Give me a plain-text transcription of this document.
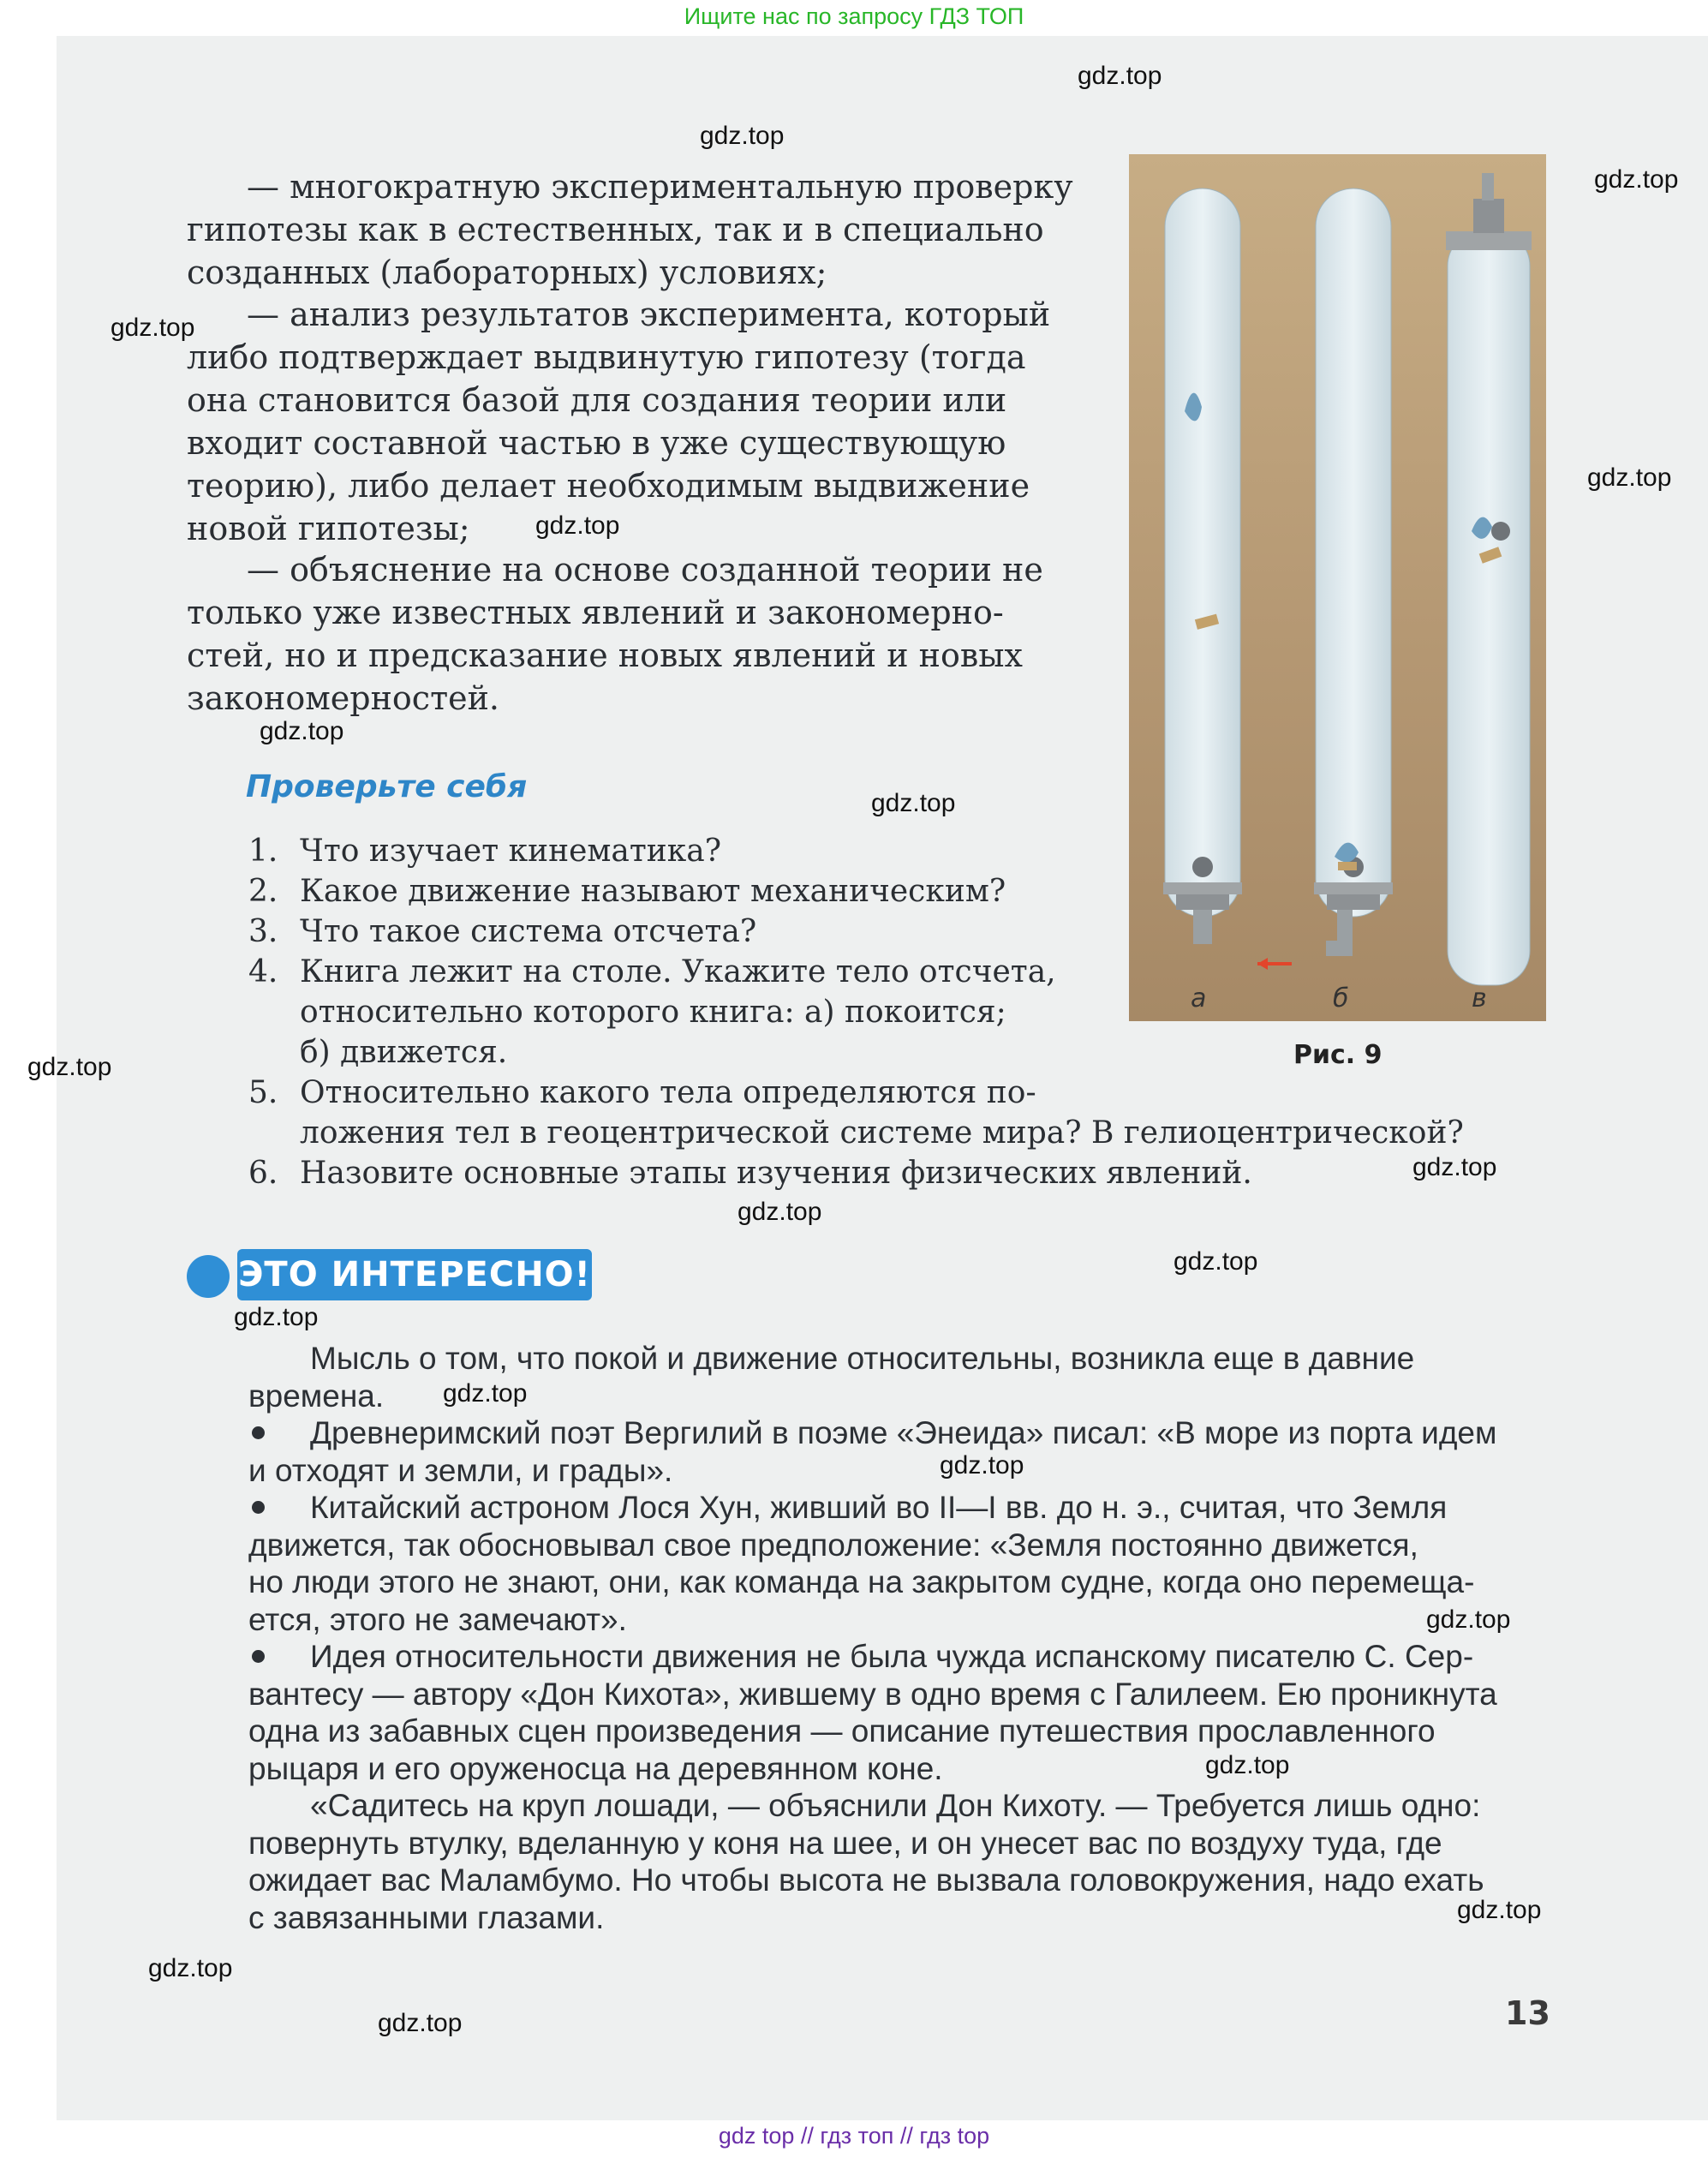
Ищите нас по запросу ГДЗ ТОП
— многократную экспериментальную проверку
гипотезы как в естественных, так и в специально
созданных (лабораторных) условиях;
— анализ результатов эксперимента, который
либо подтверждает выдвинутую гипотезу (тогда
она становится базой для создания теории или
входит составной частью в уже существующую
теорию), либо делает необходимым выдвижение
новой гипотезы;
— объяснение на основе созданной теории не
только уже известных явлений и закономерно-
стей, но и предсказание новых явлений и новых
закономерностей.
Проверьте себя
1. Что изучает кинематика?
2. Какое движение называют механическим?
3. Что такое система отсчета?
4. Книга лежит на столе. Укажите тело отсчета,
относительно которого книга: а) покоится;
б) движется.
5. Относительно какого тела определяются по-
ложения тел в геоцентрической системе мира? В гелиоцентрической?
6. Назовите основные этапы изучения физических явлений.
а	б	в
Рис. 9
ЭТО ИНТЕРЕСНО!
Мысль о том, что покой и движение относительны, возникла еще в давние
времена.
Древнеримский поэт Вергилий в поэме «Энеида» писал: «В море из порта идем
и отходят и земли, и грады».
Китайский астроном Лося Хун, живший во II—I вв. до н. э., считая, что Земля
движется, так обосновывал свое предположение: «Земля постоянно движется,
но люди этого не знают, они, как команда на закрытом судне, когда оно перемеща-
ется, этого не замечают».
Идея относительности движения не была чужда испанскому писателю С. Сер-
вантесу — автору «Дон Кихота», жившему в одно время с Галилеем. Ею проникнута
одна из забавных сцен произведения — описание путешествия прославленного
рыцаря и его оруженосца на деревянном коне.
«Садитесь на круп лошади, — объяснили Дон Кихоту. — Требуется лишь одно:
повернуть втулку, вделанную у коня на шее, и он унесет вас по воздуху туда, где
ожидает вас Маламбумо. Но чтобы высота не вызвала головокружения, надо ехать
с завязанными глазами.
13
gdz.top
gdz.top
gdz.top
gdz.top
gdz.top
gdz.top
gdz.top
gdz.top
gdz.top
gdz.top
gdz.top
gdz.top
gdz.top
gdz.top
gdz.top
gdz.top
gdz.top
gdz.top
gdz.top
gdz.top
gdz top // гдз топ // гдз top
